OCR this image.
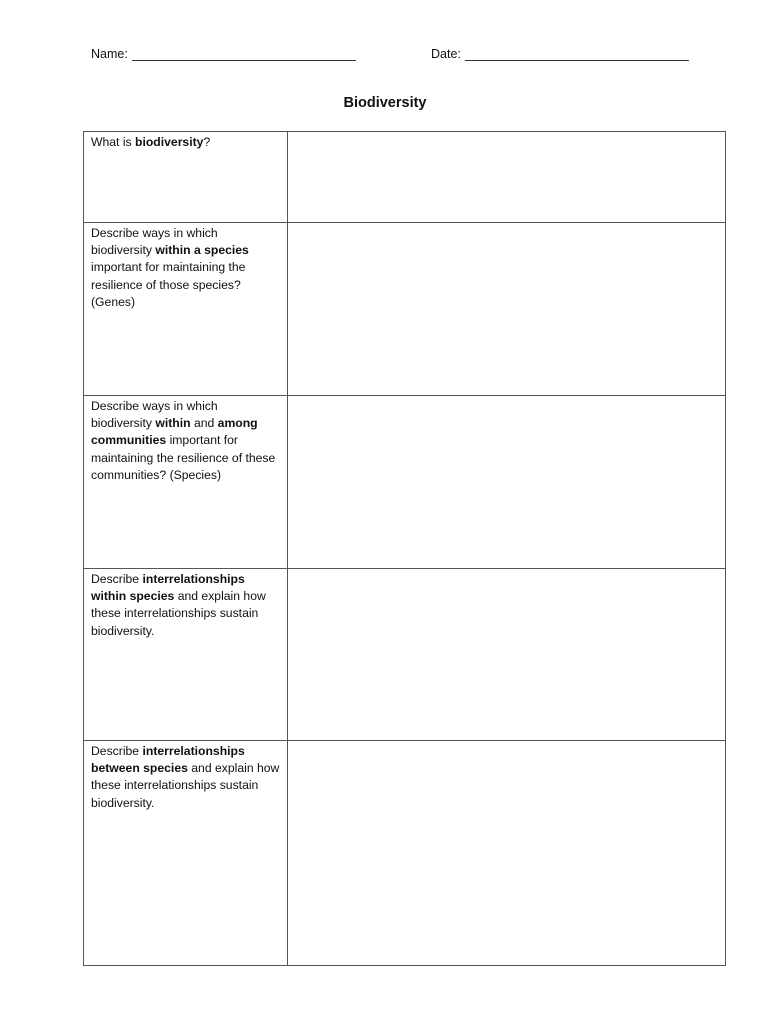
Name:	Date:
Biodiversity
What is biodiversity?	

Describe ways in which biodiversity within a species important for maintaining the resilience of those species? (Genes)	

Describe ways in which biodiversity within and among communities important for maintaining the resilience of these communities? (Species)	

Describe interrelationships within species and explain how these interrelationships sustain biodiversity.	

Describe interrelationships between species and explain how these interrelationships sustain biodiversity.	
